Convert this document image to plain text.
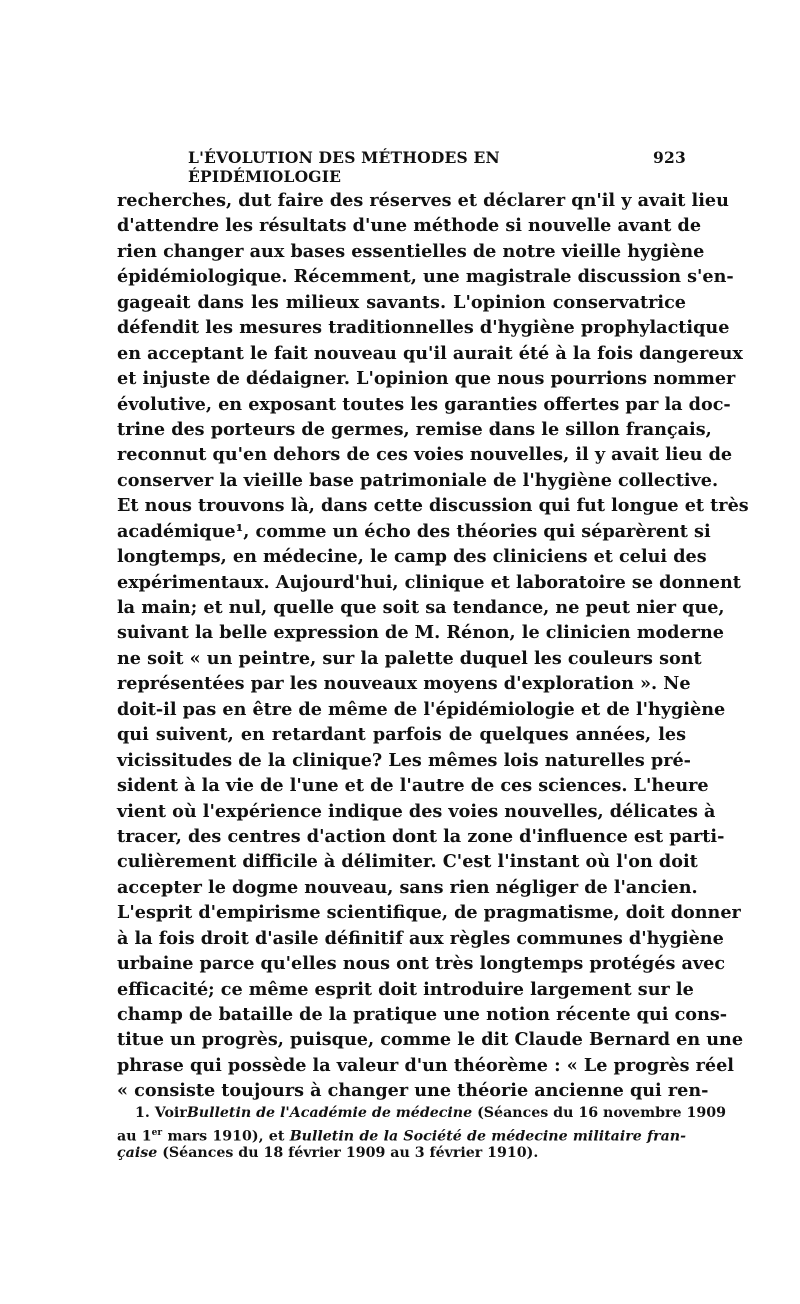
L'ÉVOLUTION DES MÉTHODES EN ÉPIDÉMIOLOGIE
923
recherches, dut faire des réserves et déclarer qn'il y avait lieu
d'attendre les résultats d'une méthode si nouvelle avant de
rien changer aux bases essentielles de notre vieille hygiène
épidémiologique. Récemment, une magistrale discussion s'en-
gageait dans les milieux savants. L'opinion conservatrice
défendit les mesures traditionnelles d'hygiène prophylactique
en acceptant le fait nouveau qu'il aurait été à la fois dangereux
et injuste de dédaigner. L'opinion que nous pourrions nommer
évolutive, en exposant toutes les garanties offertes par la doc-
trine des porteurs de germes, remise dans le sillon français,
reconnut qu'en dehors de ces voies nouvelles, il y avait lieu de
conserver la vieille base patrimoniale de l'hygiène collective.
Et nous trouvons là, dans cette discussion qui fut longue et très
académique¹, comme un écho des théories qui séparèrent si
longtemps, en médecine, le camp des cliniciens et celui des
expérimentaux. Aujourd'hui, clinique et laboratoire se donnent
la main; et nul, quelle que soit sa tendance, ne peut nier que,
suivant la belle expression de M. Rénon, le clinicien moderne
ne soit « un peintre, sur la palette duquel les couleurs sont
représentées par les nouveaux moyens d'exploration ». Ne
doit-il pas en être de même de l'épidémiologie et de l'hygiène
qui suivent, en retardant parfois de quelques années, les
vicissitudes de la clinique? Les mêmes lois naturelles pré-
sident à la vie de l'une et de l'autre de ces sciences. L'heure
vient où l'expérience indique des voies nouvelles, délicates à
tracer, des centres d'action dont la zone d'influence est parti-
culièrement difficile à délimiter. C'est l'instant où l'on doit
accepter le dogme nouveau, sans rien négliger de l'ancien.
L'esprit d'empirisme scientifique, de pragmatisme, doit donner
à la fois droit d'asile définitif aux règles communes d'hygiène
urbaine parce qu'elles nous ont très longtemps protégés avec
efficacité; ce même esprit doit introduire largement sur le
champ de bataille de la pratique une notion récente qui cons-
titue un progrès, puisque, comme le dit Claude Bernard en une
phrase qui possède la valeur d'un théorème : « Le progrès réel
« consiste toujours à changer une théorie ancienne qui ren-
1. VoirBulletin de l'Académie de médecine (Séances du 16 novembre 1909
au 1er mars 1910), et Bulletin de la Société de médecine militaire fran-
çaise (Séances du 18 février 1909 au 3 février 1910).
